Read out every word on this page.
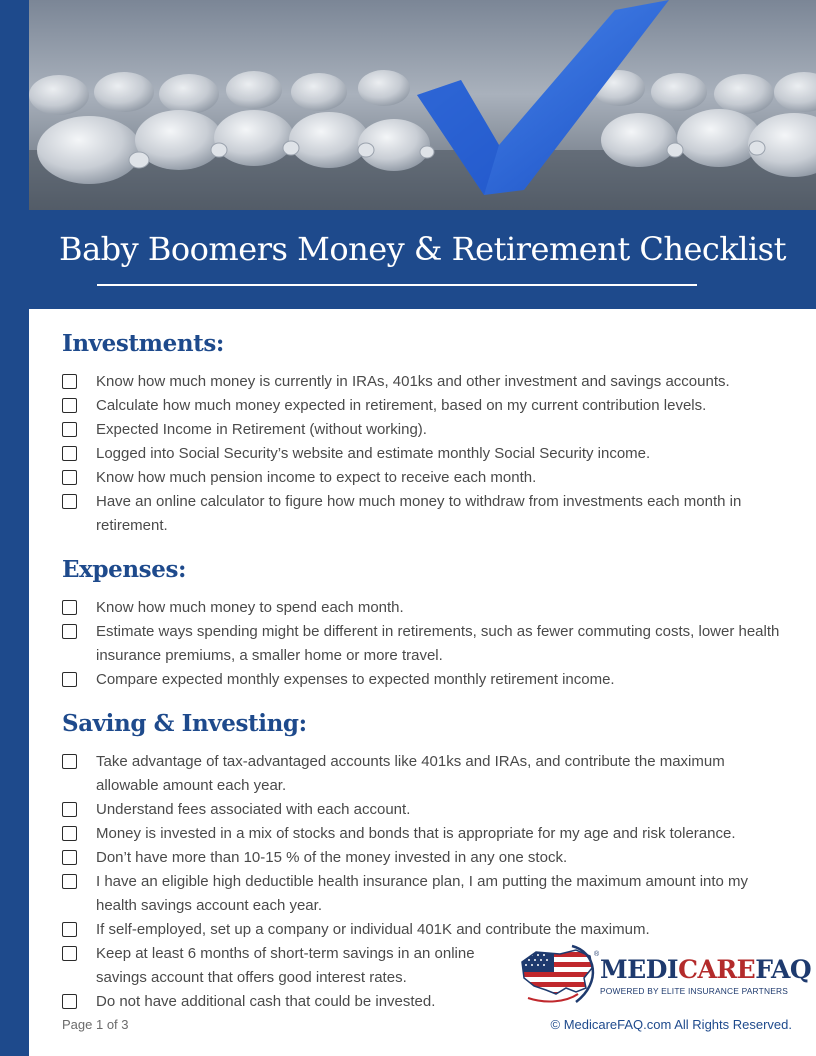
Baby Boomers Money & Retirement Checklist
Investments:
Know how much money is currently in IRAs, 401ks and other investment and savings accounts.
Calculate how much money expected in retirement, based on my current contribution levels.
Expected Income in Retirement (without working).
Logged into Social Security’s website and estimate monthly Social Security income.
Know how much pension income to expect to receive each month.
Have an online calculator to figure how much money to withdraw from investments each month in retirement.
Expenses:
Know how much money to spend each month.
Estimate ways spending might be different in retirements, such as fewer commuting costs, lower health insurance premiums, a smaller home or more travel.
Compare expected monthly expenses to expected monthly retirement income.
Saving & Investing:
Take advantage of tax-advantaged accounts like 401ks and IRAs, and contribute the maximum allowable amount each year.
Understand fees associated with each account.
Money is invested in a mix of stocks and bonds that is appropriate for my age and risk tolerance.
Don’t have more than 10-15 % of the money invested in any one stock.
I have an eligible high deductible health insurance plan, I am putting the maximum amount into my health savings account each year.
If self-employed, set up a company or individual 401K and contribute the maximum.
Keep at least 6 months of short-term savings in an online savings account that offers good interest rates.
Do not have additional cash that could be invested.
®
MEDICAREFAQ
POWERED BY ELITE INSURANCE PARTNERS
Page 1 of 3	© MedicareFAQ.com All Rights Reserved.
